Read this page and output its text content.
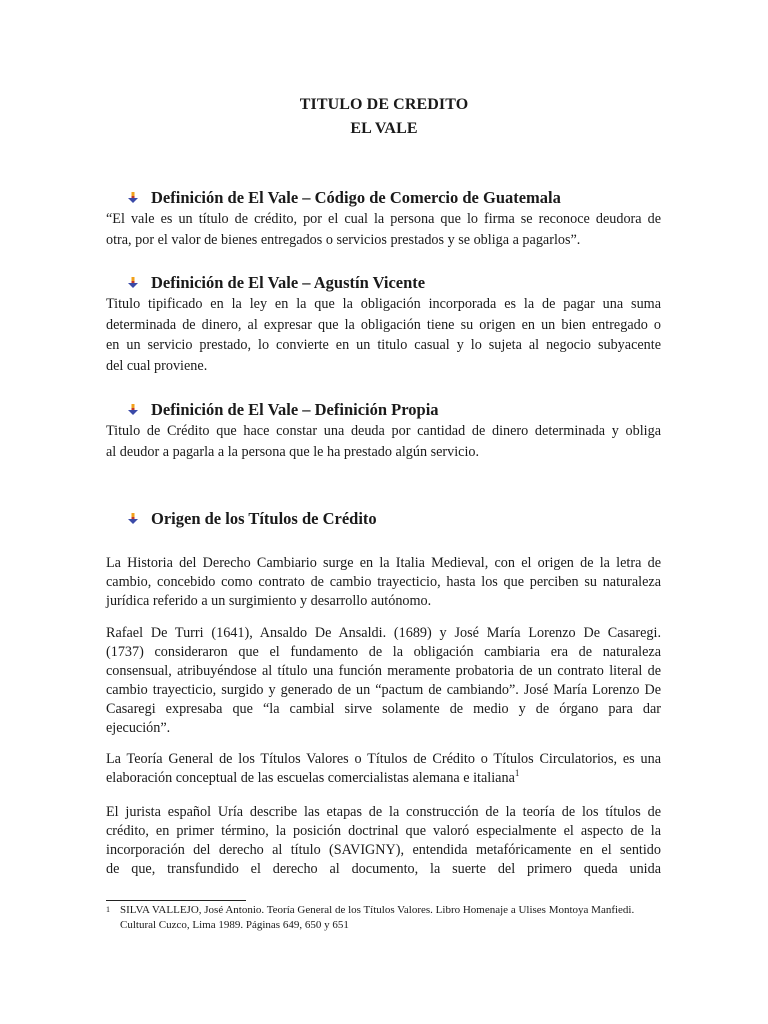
TITULO DE CREDITO
EL VALE
Definición de El Vale – Código de Comercio de Guatemala
“El vale es un título de crédito, por el cual la persona que lo firma se reconoce deudora de
otra, por el valor de bienes entregados o servicios prestados y se obliga a pagarlos”.
Definición de El Vale – Agustín Vicente
Titulo tipificado en la ley en la que la obligación incorporada es la de pagar una suma
determinada de dinero, al expresar que la obligación tiene su origen en un bien entregado o
en un servicio prestado, lo convierte en un titulo casual y lo sujeta al negocio subyacente
del cual proviene.
Definición de El Vale – Definición Propia
Titulo de Crédito que hace constar una deuda por cantidad de dinero determinada y obliga
al deudor a pagarla a la persona que le ha prestado algún servicio.
Origen de los Títulos de Crédito
La Historia del Derecho Cambiario surge en la Italia Medieval, con el origen de la letra de
cambio, concebido como contrato de cambio trayecticio, hasta los que perciben su naturaleza
jurídica referido a un surgimiento y desarrollo autónomo.
Rafael De Turri (1641), Ansaldo De Ansaldi. (1689) y José María Lorenzo De Casaregi.
(1737) consideraron que el fundamento de la obligación cambiaria era de naturaleza
consensual, atribuyéndose al título una función meramente probatoria de un contrato literal de
cambio trayecticio, surgido y generado de un “pactum de cambiando”. José María Lorenzo De
Casaregi expresaba que “la cambial sirve solamente de medio y de órgano para dar
ejecución”.
La Teoría General de los Títulos Valores o Títulos de Crédito o Títulos Circulatorios, es una
elaboración conceptual de las escuelas comercialistas alemana e italiana$^1$
El jurista español Uría describe las etapas de la construcción de la teoría de los títulos de
crédito, en primer término, la posición doctrinal que valoró especialmente el aspecto de la
incorporación del derecho al título (SAVIGNY), entendida metafóricamente en el sentido
de que, transfundido el derecho al documento, la suerte del primero queda unida
1 SILVA VALLEJO, José Antonio. Teoría General de los Títulos Valores. Libro Homenaje a Ulises Montoya Manfiedi.
Cultural Cuzco, Lima 1989. Páginas 649, 650 y 651
